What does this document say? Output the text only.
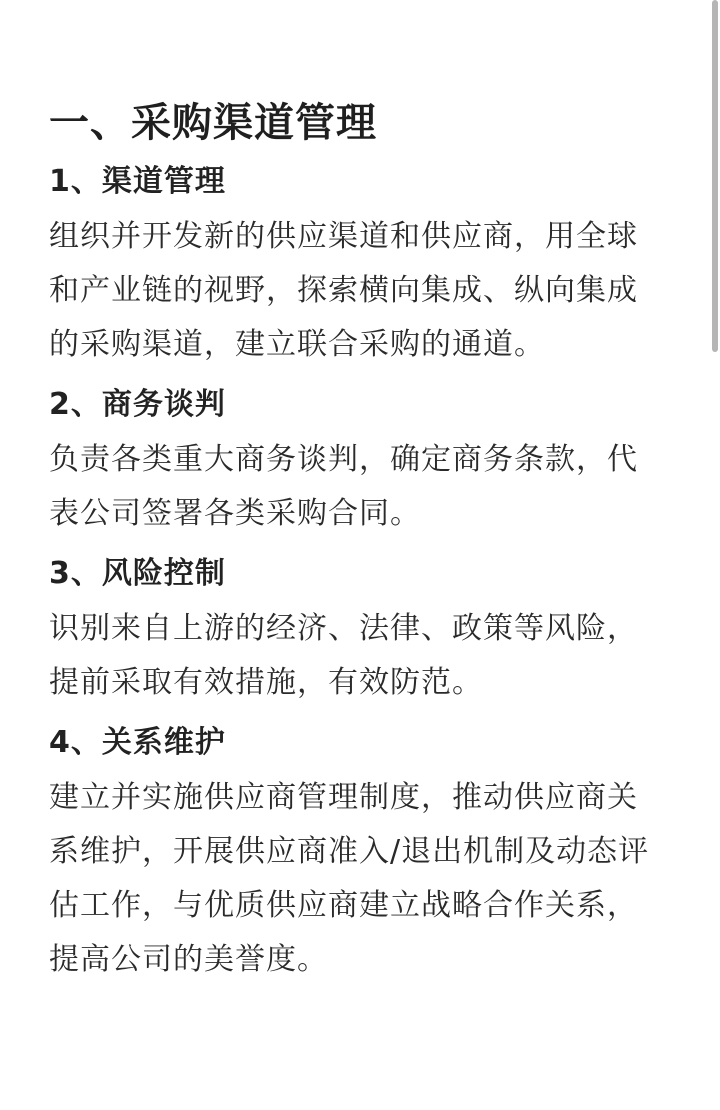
一、采购渠道管理
1、渠道管理

组织并开发新的供应渠道和供应商，用全球
和产业链的视野，探索横向集成、纵向集成
的采购渠道，建立联合采购的通道。

2、商务谈判

负责各类重大商务谈判，确定商务条款，代
表公司签署各类采购合同。

3、风险控制

识别来自上游的经济、法律、政策等风险，
提前采取有效措施，有效防范。

4、关系维护

建立并实施供应商管理制度，推动供应商关
系维护，开展供应商准入/退出机制及动态评
估工作，与优质供应商建立战略合作关系，
提高公司的美誉度。
